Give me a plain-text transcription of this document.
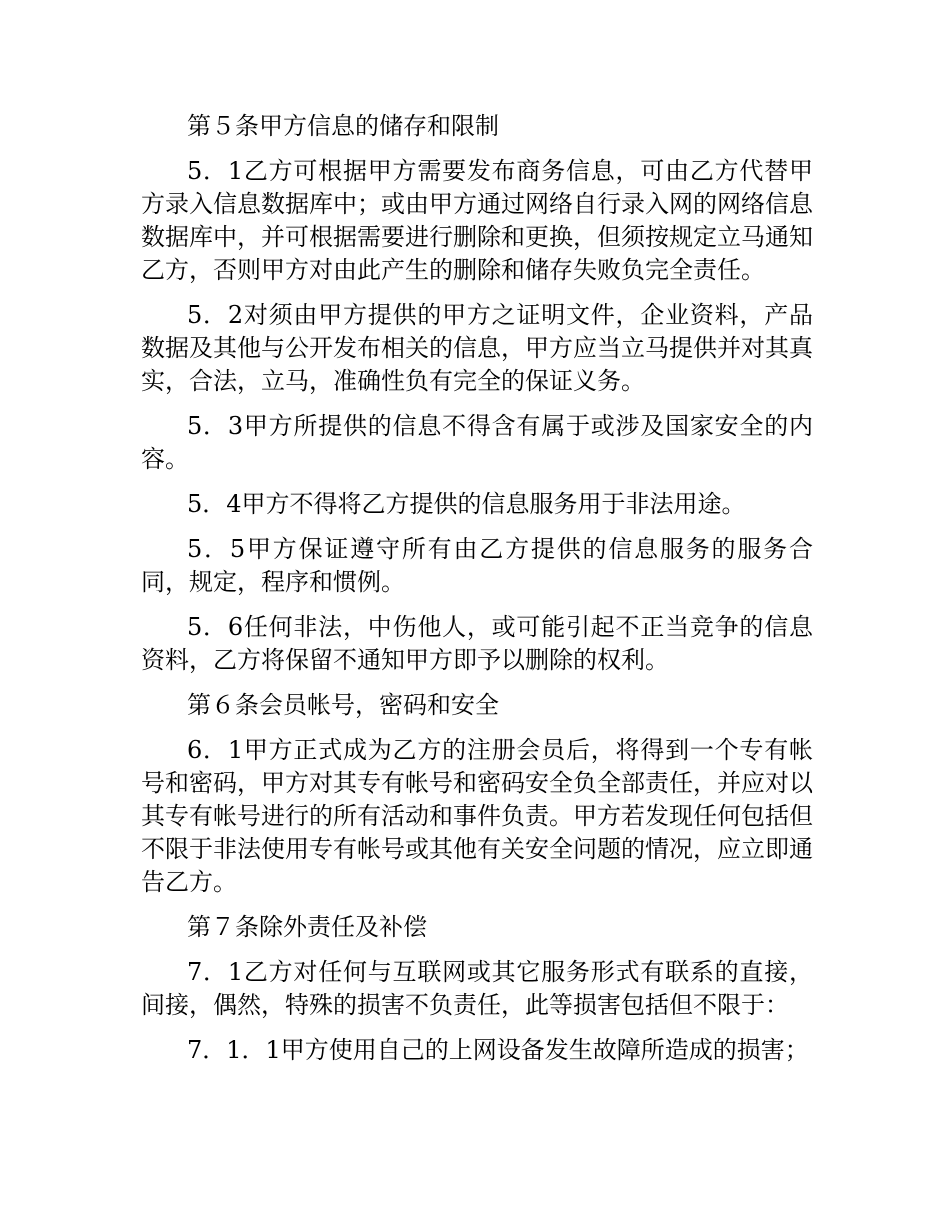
第５条甲方信息的储存和限制

5．1乙方可根据甲方需要发布商务信息，可由乙方代替甲方录入信息数据库中；或由甲方通过网络自行录入网的网络信息数据库中，并可根据需要进行删除和更换，但须按规定立马通知乙方，否则甲方对由此产生的删除和储存失败负完全责任。

5．2对须由甲方提供的甲方之证明文件，企业资料，产品数据及其他与公开发布相关的信息，甲方应当立马提供并对其真实，合法，立马，准确性负有完全的保证义务。

5．3甲方所提供的信息不得含有属于或涉及国家安全的内容。

5．4甲方不得将乙方提供的信息服务用于非法用途。

5．5甲方保证遵守所有由乙方提供的信息服务的服务合同，规定，程序和惯例。

5．6任何非法，中伤他人，或可能引起不正当竞争的信息资料，乙方将保留不通知甲方即予以删除的权利。

第６条会员帐号，密码和安全

6．1甲方正式成为乙方的注册会员后，将得到一个专有帐号和密码，甲方对其专有帐号和密码安全负全部责任，并应对以其专有帐号进行的所有活动和事件负责。甲方若发现任何包括但不限于非法使用专有帐号或其他有关安全问题的情况，应立即通告乙方。

第７条除外责任及补偿

7．1乙方对任何与互联网或其它服务形式有联系的直接，间接，偶然，特殊的损害不负责任，此等损害包括但不限于：

7．1．1甲方使用自己的上网设备发生故障所造成的损害；
